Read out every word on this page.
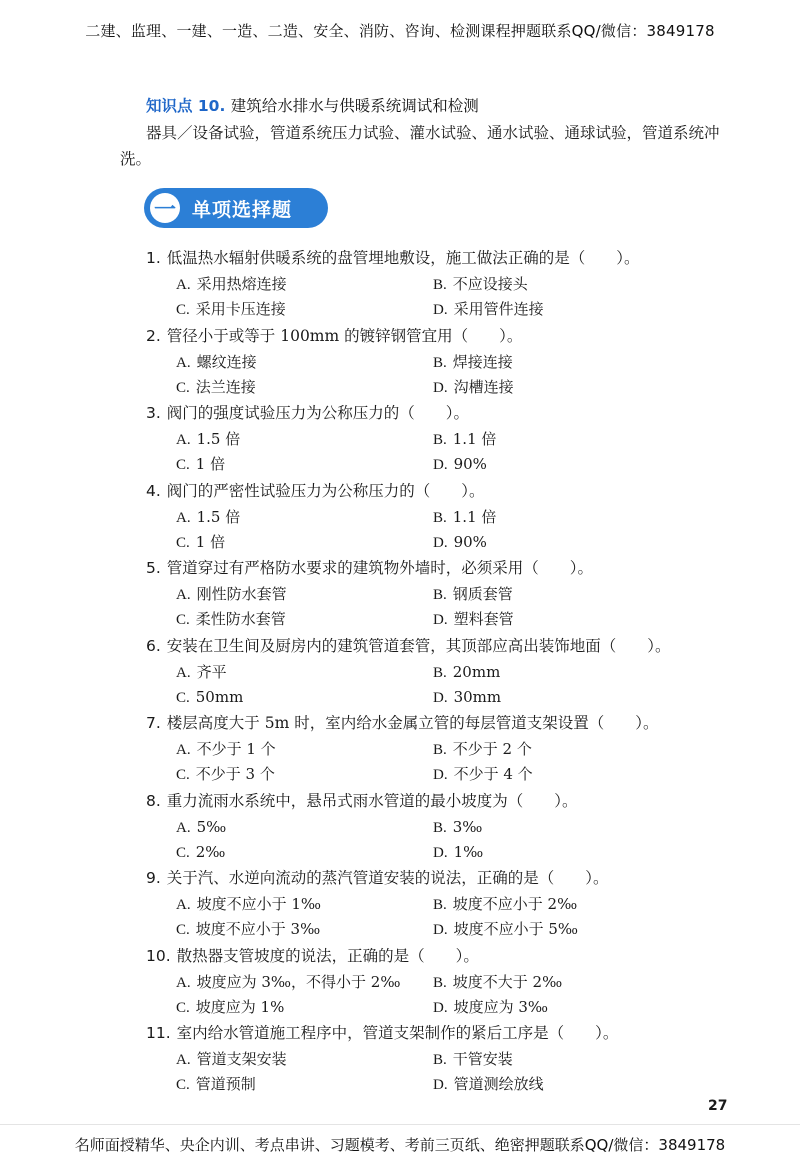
二建、监理、一建、一造、二造、安全、消防、咨询、检测课程押题联系QQ/微信：3849178
知识点 10. 建筑给水排水与供暖系统调试和检测
器具／设备试验，管道系统压力试验、灌水试验、通水试验、通球试验，管道系统冲洗。
一 单项选择题
1. 低温热水辐射供暖系统的盘管埋地敷设，施工做法正确的是（　　）。
A. 采用热熔连接	B. 不应设接头
C. 采用卡压连接	D. 采用管件连接
2. 管径小于或等于 100mm 的镀锌钢管宜用（　　）。
A. 螺纹连接	B. 焊接连接
C. 法兰连接	D. 沟槽连接
3. 阀门的强度试验压力为公称压力的（　　）。
A. 1.5 倍	B. 1.1 倍
C. 1 倍	D. 90%
4. 阀门的严密性试验压力为公称压力的（　　）。
A. 1.5 倍	B. 1.1 倍
C. 1 倍	D. 90%
5. 管道穿过有严格防水要求的建筑物外墙时，必须采用（　　）。
A. 刚性防水套管	B. 钢质套管
C. 柔性防水套管	D. 塑料套管
6. 安装在卫生间及厨房内的建筑管道套管，其顶部应高出装饰地面（　　）。
A. 齐平	B. 20mm
C. 50mm	D. 30mm
7. 楼层高度大于 5m 时，室内给水金属立管的每层管道支架设置（　　）。
A. 不少于 1 个	B. 不少于 2 个
C. 不少于 3 个	D. 不少于 4 个
8. 重力流雨水系统中，悬吊式雨水管道的最小坡度为（　　）。
A. 5‰	B. 3‰
C. 2‰	D. 1‰
9. 关于汽、水逆向流动的蒸汽管道安装的说法，正确的是（　　）。
A. 坡度不应小于 1‰	B. 坡度不应小于 2‰
C. 坡度不应小于 3‰	D. 坡度不应小于 5‰
10. 散热器支管坡度的说法，正确的是（　　）。
A. 坡度应为 3‰，不得小于 2‰ B. 坡度不大于 2‰
C. 坡度应为 1%	D. 坡度应为 3‰
11. 室内给水管道施工程序中，管道支架制作的紧后工序是（　　）。
A. 管道支架安装	B. 干管安装
C. 管道预制	D. 管道测绘放线
27
名师面授精华、央企内训、考点串讲、习题模考、考前三页纸、绝密押题联系QQ/微信：3849178
